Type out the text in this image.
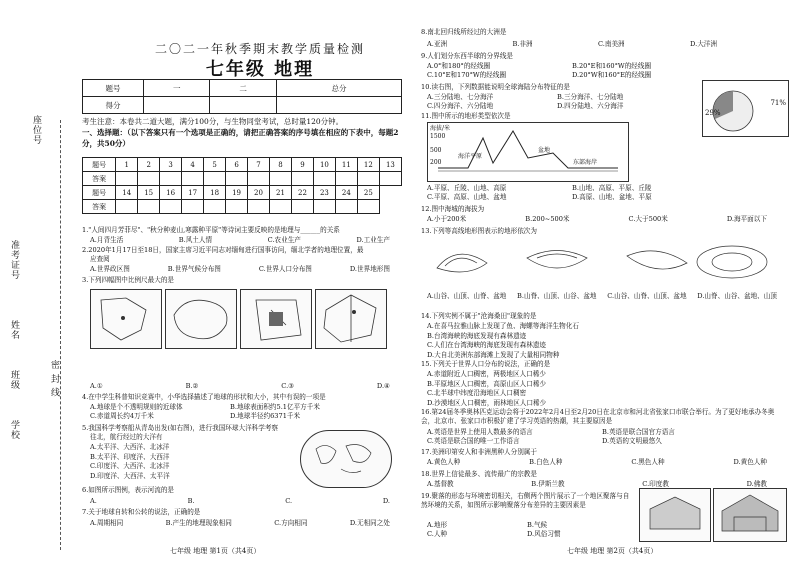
学校
班级
姓名
准考证号
座位号
密 封 线
二〇二一年秋季期末教学质量检测
七年级 地理
题号	一	二	总分
得分			
考生注意：本卷共二道大题，满分100分，与生物同堂考试，总时量120分钟。
一、选择题：（以下答案只有一个选项是正确的，请把正确答案的序号填在相应的下表中，每题2分，共50分）
题号	1	2	3	4	5	6	7	8	9	10	11	12	13
答案													
题号	14	15	16	17	18	19	20	21	22	23	24	25	
答案													
1."人间四月芳菲尽"、"秋分种麦山,寒露种平原"等诗词主要反映的是地理与______的关系
A.月背生活	B.风土人情	C.农业生产	D.工业生产
2.2020年1月17日至18日，国家主席习近平同志对缅甸进行国事访问，缅北学者的地理位置，最
应查阅
A.世界政区图	B.世界气候分布图	C.世界人口分布图	D.世界地形图
3.下列四幅图中比例尺最大的是
A.①	B.②	C.③	D.④
4.在中学生科普知识竞赛中，小华选择描述了地球的形状和大小，其中有误的一项是
A.地球是个不透明规则的近球体	B.地球表面积约5.1亿平方千米
C.赤道周长约4万千米	D.地球半径约6371千米
5.我国科学考察船从青岛出发(如右图)，进行我国环球大洋科学考察
往北，航行经过的大洋有
A.太平洋、大西洋、北冰洋
B.太平洋、印度洋、大西洋
C.印度洋、大西洋、北冰洋
D.印度洋、大西洋、太平洋
6.如图所示图例，表示河流的是
A.	B.	C.	D.
7.关于地球自转和公转的说法，正确的是
A.周期相同	B.产生的地理现象相同	C.方向相同	D.无相同之处
七年级 地理 第1页（共4页）
8.南北回归线所经过的大洲是
A.亚洲	B.非洲	C.南美洲	D.大洋洲
9.人们划分东西半球的分界线是
A.0°和180°的经线圈	B.20°E和160°W的经线圈
C.10°E和170°W的经线圈	D.20°W和160°E的经线圈
10.读右图，下列数据能说明全球海陆分布特征的是
A.三分陆地、七分海洋	B.三分海洋、七分陆地
C.四分海洋、六分陆地	D.四分陆地、六分海洋	71%
29%
11.图中所示的地形类型依次是
海拔/米
1500
500
200
海洋平原
盆地
东部海岸
A.平原、丘陵、山地、高原	B.山地、高原、平原、丘陵
C.平原、高原、山地、盆地	D.高原、山地、盆地、平原
12.图中海城的海拔为
A.小于200米	B.200~500米	C.大于500米	D.海平面以下
13.下列等高线地形图表示的地形依次为
A.山谷、山顶、山脊、盆地 B.山脊、山顶、山谷、盆地 C.山谷、山脊、山顶、盆地 D.山脊、山谷、盆地、山顶
14.下列实例不属于"沧海桑田"现象的是
A.在喜马拉雅山脉上发现了鱼、海螺等海洋生物化石
B.台湾海峡的海底发现有森林遗迹
C.人们在台湾海峡的海底发现有森林遗迹
D.大自北美洲东部海滩上发现了大量相同物种
15.下列关于世界人口分布的说法，正确的是
A.赤道附近人口稠密，两极地区人口稀少
B.平原地区人口稠密，高原山区人口稀少
C.北半球中纬度沿海地区人口稠密
D.沙漠地区人口稠密，雨林地区人口稀少
16.第24届冬季奥林匹克运动会将于2022年2月4日至2月20日在北京市和河北省张家口市联合举行。为了更好地承办冬奥会，北京市、张家口市积极扩建了学习英语的热潮，其主要原因是
A.英语是世界上使用人数最多的语言	B.英语是联合国官方语言
C.英语是联合国的唯一工作语言	D.英语的文明最悠久
17.美洲印第安人和非洲黑种人分别属于
A.黄色人种	B.白色人种	C.黑色人种	D.黄色人种
18.世界上信徒最多、流传最广的宗教是
A.基督教	B.伊斯兰教	C.印度教	D.佛教
19.聚落的形态与环境密切相关，右侧两个图片展示了一个地区聚落与自然环境的关系，如图所示影响聚落分布差异的主要因素是
A.地形	B.气候
C.人种	D.风俗习惯
七年级 地理 第2页（共4页）
